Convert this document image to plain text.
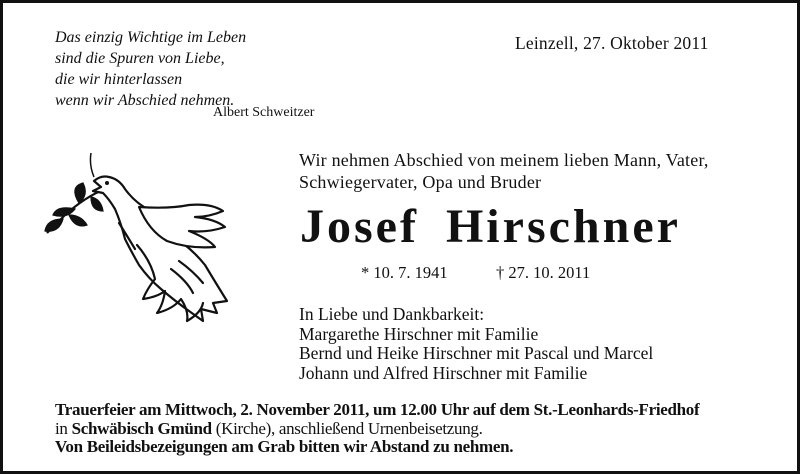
Das einzig Wichtige im Leben
sind die Spuren von Liebe,
die wir hinterlassen
wenn wir Abschied nehmen.

Albert Schweitzer
Leinzell, 27. Oktober 2011

Wir nehmen Abschied von meinem lieben Mann, Vater,
Schwiegervater, Opa und Bruder

Josef Hirschner
* 10. 7. 1941	† 27. 10. 2011
In Liebe und Dankbarkeit:
Margarethe Hirschner mit Familie
Bernd und Heike Hirschner mit Pascal und Marcel
Johann und Alfred Hirschner mit Familie
Trauerfeier am Mittwoch, 2. November 2011, um 12.00 Uhr auf dem St.-Leonhards-Friedhof
in Schwäbisch Gmünd (Kirche), anschließend Urnenbeisetzung.
Von Beileidsbezeigungen am Grab bitten wir Abstand zu nehmen.
